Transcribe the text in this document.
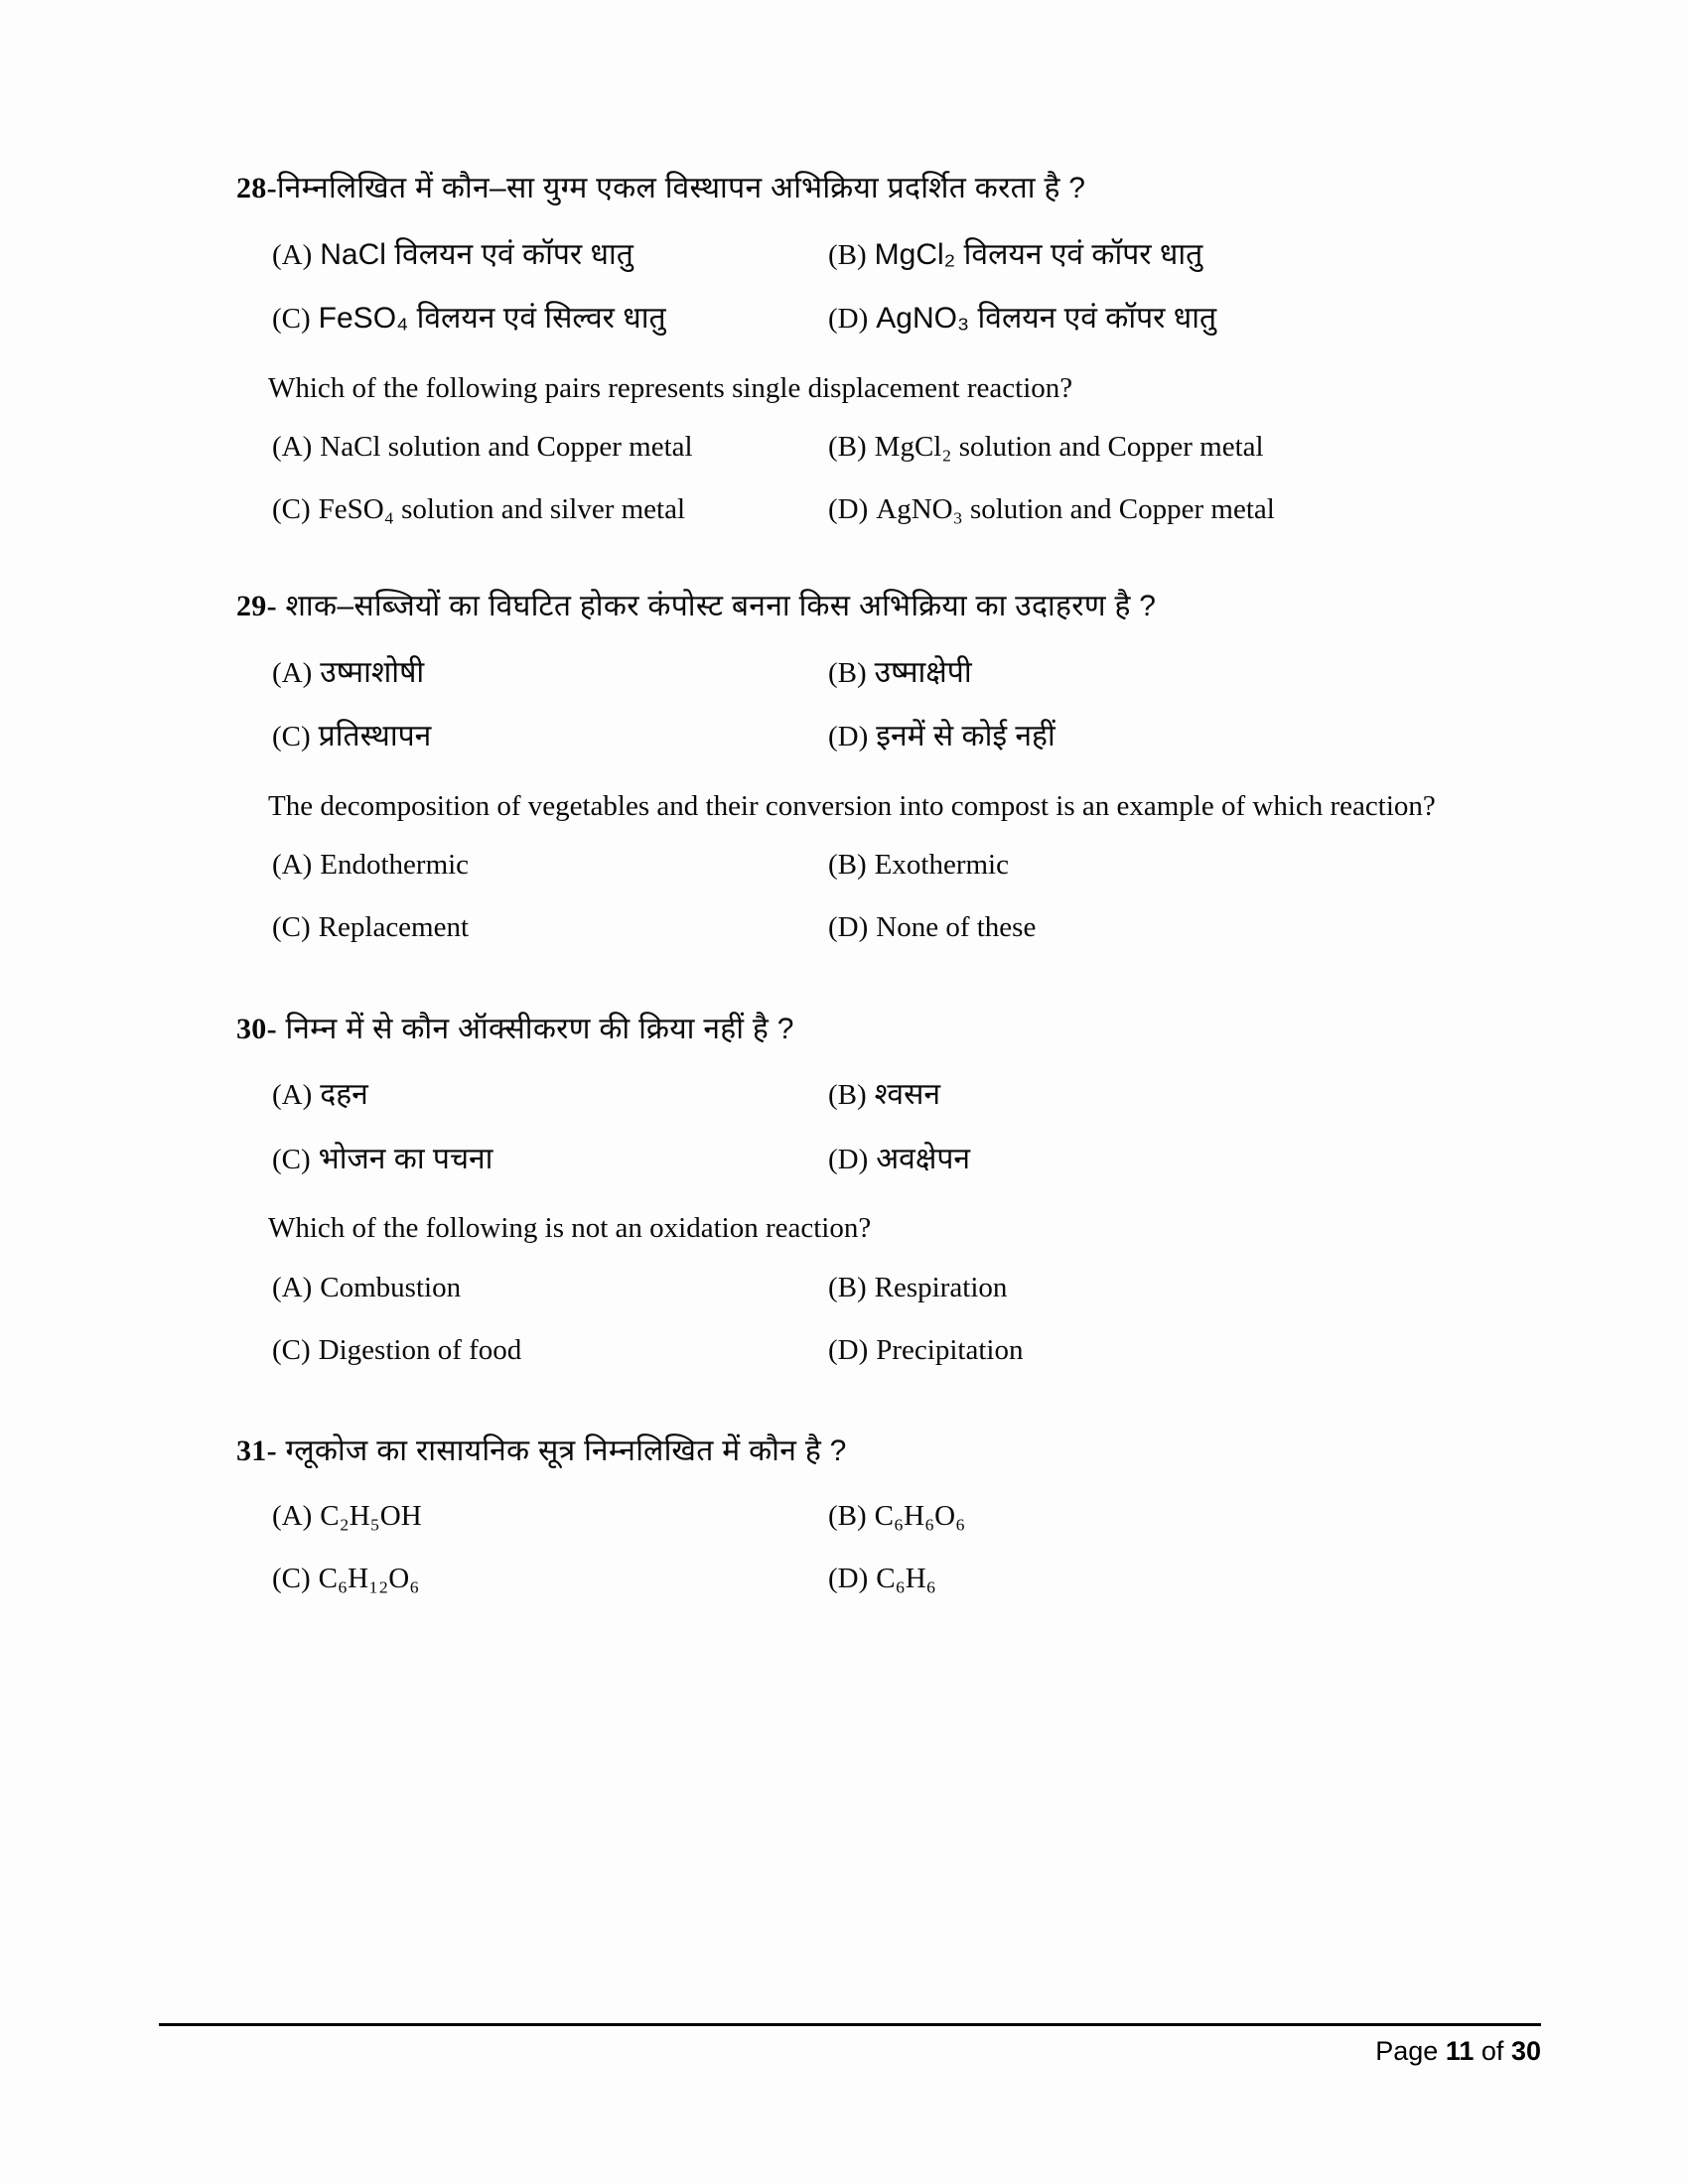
28-निम्नलिखित में कौन–सा युग्म एकल विस्थापन अभिक्रिया प्रदर्शित करता है ?
(A) NaCl विलयन एवं कॉपर धातु	(B) MgCl₂ विलयन एवं कॉपर धातु
(C) FeSO₄ विलयन एवं सिल्वर धातु	(D) AgNO₃ विलयन एवं कॉपर धातु
Which of the following pairs represents single displacement reaction?
(A) NaCl solution and Copper metal	(B) MgCl₂ solution and Copper metal
(C) FeSO₄ solution and silver metal	(D) AgNO₃ solution and Copper metal
29- शाक–सब्जियों का विघटित होकर कंपोस्ट बनना किस अभिक्रिया का उदाहरण है ?
(A) उष्माशोषी	(B) उष्माक्षेपी
(C) प्रतिस्थापन	(D) इनमें से कोई नहीं
The decomposition of vegetables and their conversion into compost is an example of which reaction?
(A) Endothermic	(B) Exothermic
(C) Replacement	(D) None of these
30- निम्न में से कौन ऑक्सीकरण की क्रिया नहीं है ?
(A) दहन	(B) श्वसन
(C) भोजन का पचना	(D) अवक्षेपन
Which of the following is not an oxidation reaction?
(A) Combustion	(B) Respiration
(C) Digestion of food	(D) Precipitation
31- ग्लूकोज का रासायनिक सूत्र निम्नलिखित में कौन है ?
(A) C₂H₅OH	(B) C₆H₆O₆
(C) C₆H₁₂O₆	(D) C₆H₆
Page 11 of 30
